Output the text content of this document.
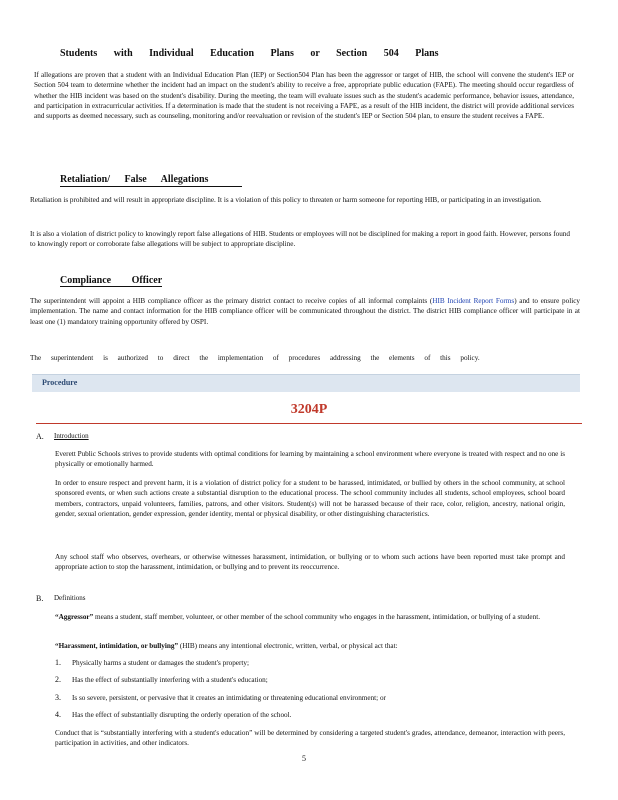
Students with Individual Education Plans or Section 504 Plans
If allegations are proven that a student with an Individual Education Plan (IEP) or Section504 Plan has been the aggressor or target of HIB, the school will convene the student's IEP or Section 504 team to determine whether the incident had an impact on the student's ability to receive a free, appropriate public education (FAPE). The meeting should occur regardless of whether the HIB incident was based on the student's disability. During the meeting, the team will evaluate issues such as the student's academic performance, behavior issues, attendance, and participation in extracurricular activities. If a determination is made that the student is not receiving a FAPE, as a result of the HIB incident, the district will provide additional services and supports as deemed necessary, such as counseling, monitoring and/or reevaluation or revision of the student's IEP or Section 504 plan, to ensure the student receives a FAPE.
Retaliation/ False Allegations
Retaliation is prohibited and will result in appropriate discipline. It is a violation of this policy to threaten or harm someone for reporting HIB, or participating in an investigation.
It is also a violation of district policy to knowingly report false allegations of HIB. Students or employees will not be disciplined for making a report in good faith. However, persons found to knowingly report or corroborate false allegations will be subject to appropriate discipline.
Compliance Officer
The superintendent will appoint a HIB compliance officer as the primary district contact to receive copies of all informal complaints (HIB Incident Report Forms) and to ensure policy implementation. The name and contact information for the HIB compliance officer will be communicated throughout the district. The district HIB compliance officer will participate in at least one (1) mandatory training opportunity offered by OSPI.
The superintendent is authorized to direct the implementation of procedures addressing the elements of this policy.
Procedure
3204P
A. Introduction
Everett Public Schools strives to provide students with optimal conditions for learning by maintaining a school environment where everyone is treated with respect and no one is physically or emotionally harmed.
In order to ensure respect and prevent harm, it is a violation of district policy for a student to be harassed, intimidated, or bullied by others in the school community, at school sponsored events, or when such actions create a substantial disruption to the educational process. The school community includes all students, school employees, school board members, contractors, unpaid volunteers, families, patrons, and other visitors. Student(s) will not be harassed because of their race, color, religion, ancestry, national origin, gender, sexual orientation, gender expression, gender identity, mental or physical disability, or other distinguishing characteristics.
Any school staff who observes, overhears, or otherwise witnesses harassment, intimidation, or bullying or to whom such actions have been reported must take prompt and appropriate action to stop the harassment, intimidation, or bullying and to prevent its reoccurrence.
B. Definitions
“Aggressor” means a student, staff member, volunteer, or other member of the school community who engages in the harassment, intimidation, or bullying of a student.
“Harassment, intimidation, or bullying” (HIB) means any intentional electronic, written, verbal, or physical act that:
1. Physically harms a student or damages the student's property;
2. Has the effect of substantially interfering with a student's education;
3. Is so severe, persistent, or pervasive that it creates an intimidating or threatening educational environment; or
4. Has the effect of substantially disrupting the orderly operation of the school.
Conduct that is “substantially interfering with a student's education” will be determined by considering a targeted student's grades, attendance, demeanor, interaction with peers, participation in activities, and other indicators.
5
